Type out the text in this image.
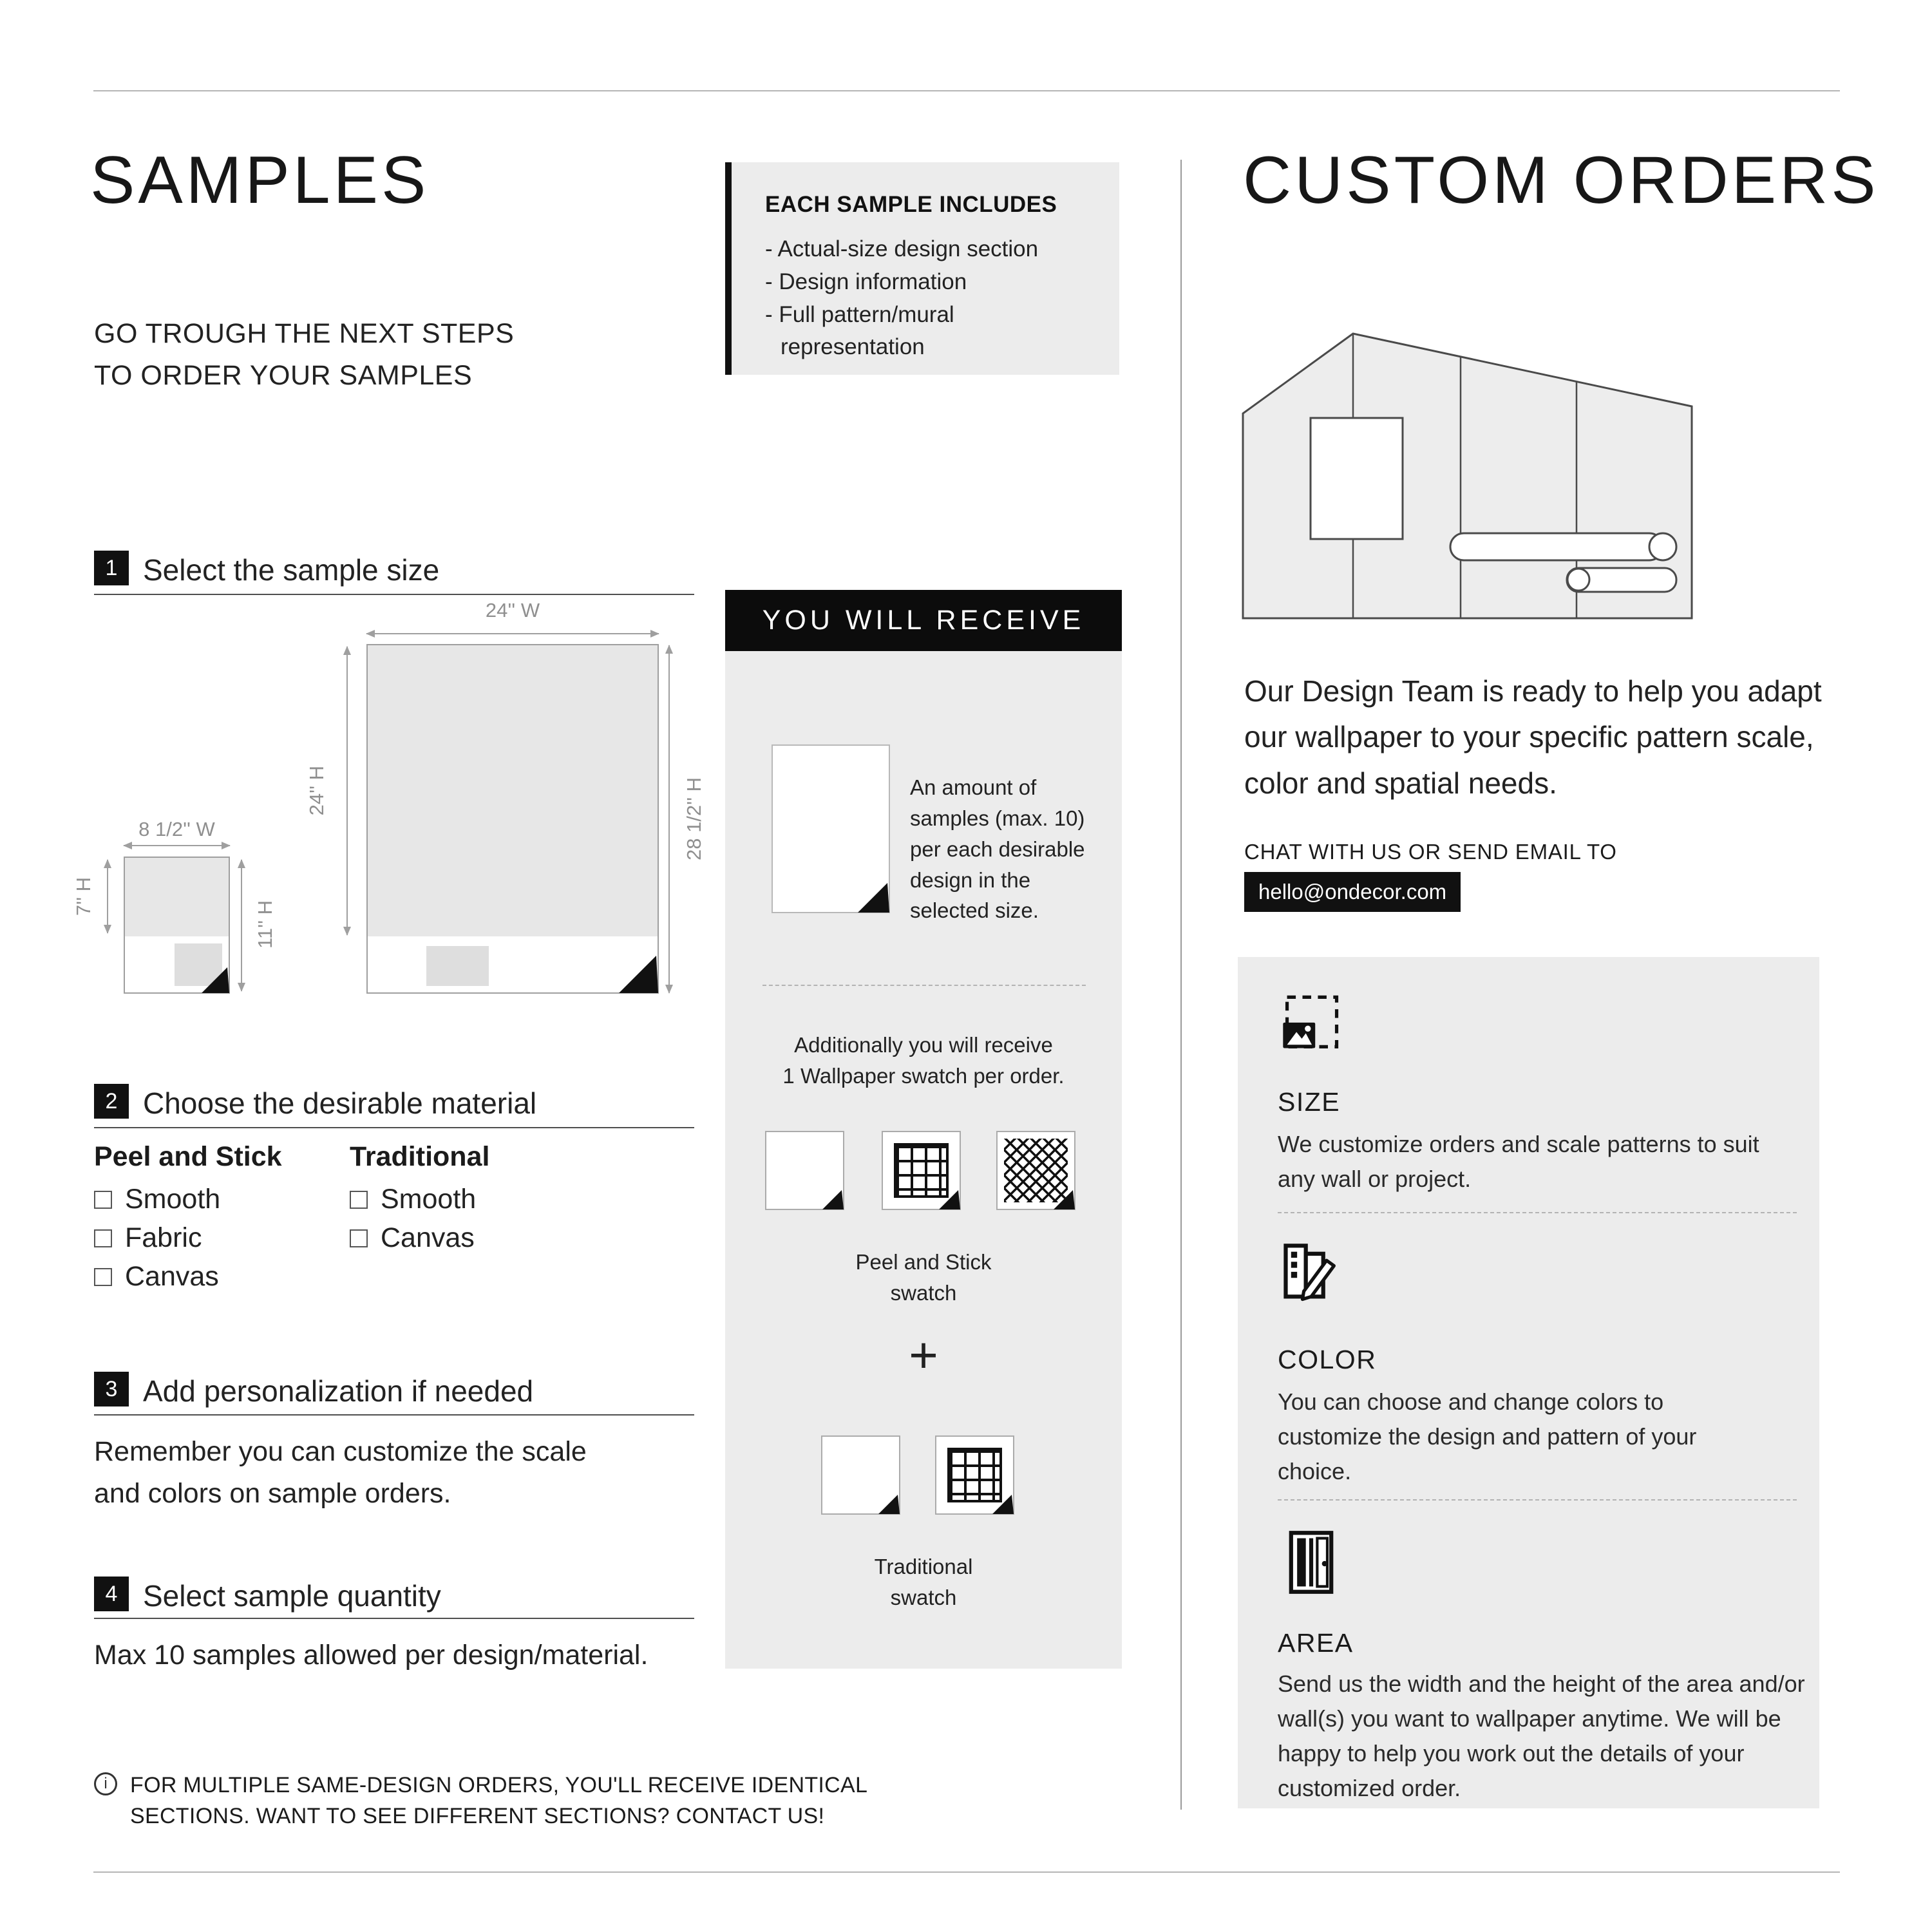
SAMPLES
GO TROUGH THE NEXT STEPS
TO ORDER YOUR SAMPLES
1 Select the sample size
24'' W
24'' H	28 1/2'' H
8 1/2'' W
7'' H
11'' H
2 Choose the desirable material
Peel and Stick Traditional
Smooth
Fabric
Canvas
Smooth
Canvas
3 Add personalization if needed
Remember you can customize the scale
and colors on sample orders.
4 Select sample quantity
Max 10 samples allowed per design/material.
i FOR MULTIPLE SAME-DESIGN ORDERS, YOU'LL RECEIVE IDENTICAL
SECTIONS. WANT TO SEE DIFFERENT SECTIONS? CONTACT US!
EACH SAMPLE INCLUDES
- Actual-size design section
- Design information
- Full pattern/mural representation
YOU WILL RECEIVE
An amount of samples (max. 10) per each desirable design in the selected size.
Additionally you will receive
1 Wallpaper swatch per order.
Peel and Stick
swatch
+
Traditional
swatch
CUSTOM ORDERS
Our Design Team is ready to help you adapt our wallpaper to your specific pattern scale, color and spatial needs.
CHAT WITH US OR SEND EMAIL TO
hello@ondecor.com
SIZE
We customize orders and scale patterns to suit any wall or project.
COLOR
You can choose and change colors to customize the design and pattern of your choice.
AREA
Send us the width and the height of the area and/or wall(s) you want to wallpaper anytime. We will be happy to help you work out the details of your customized order.
